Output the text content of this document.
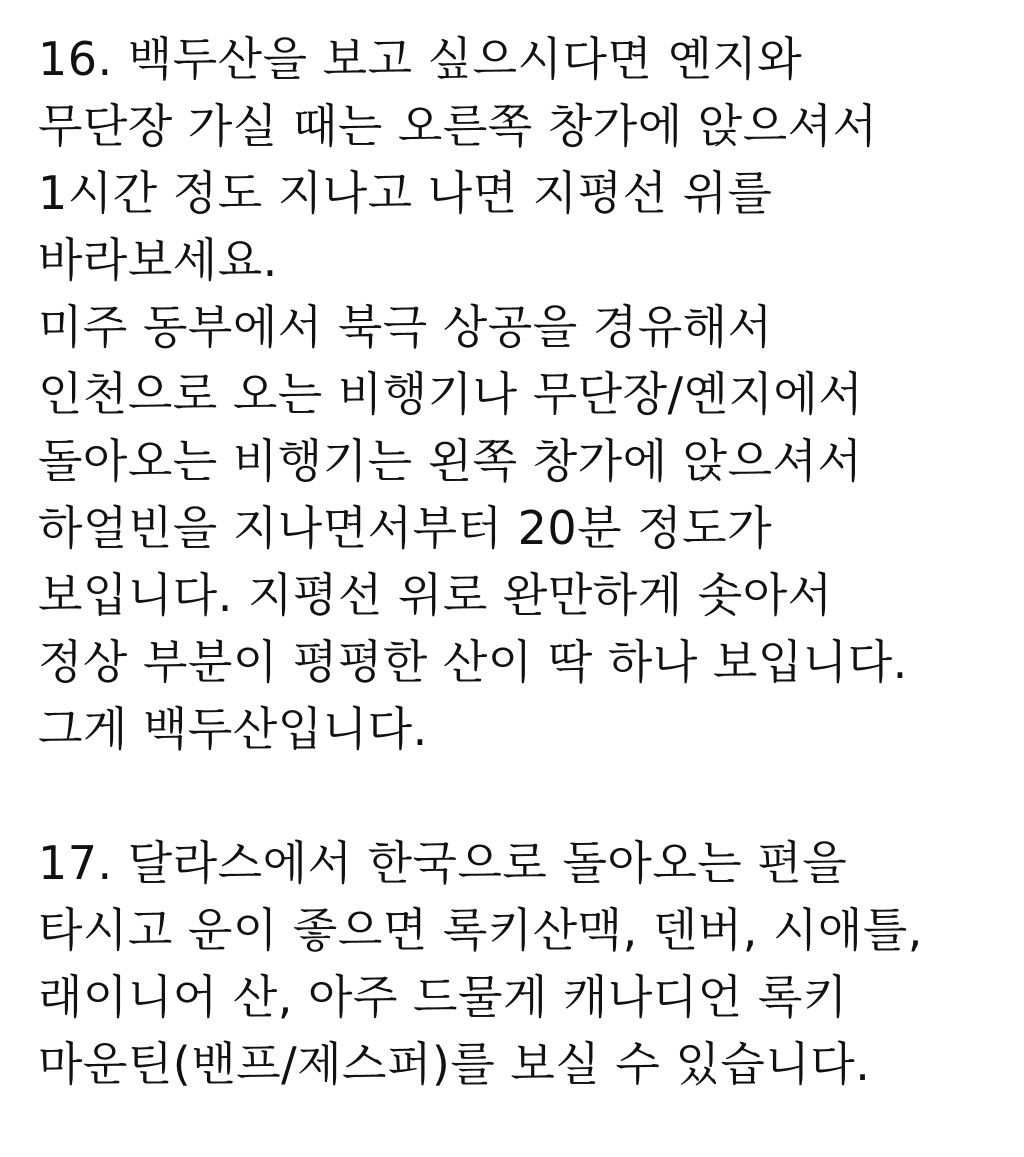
16. 백두산을 보고 싶으시다면 옌지와
무단장 가실 때는 오른쪽 창가에 앉으셔서
1시간 정도 지나고 나면 지평선 위를
바라보세요.
미주 동부에서 북극 상공을 경유해서
인천으로 오는 비행기나 무단장/옌지에서
돌아오는 비행기는 왼쪽 창가에 앉으셔서
하얼빈을 지나면서부터 20분 정도가
보입니다. 지평선 위로 완만하게 솟아서
정상 부분이 평평한 산이 딱 하나 보입니다.
그게 백두산입니다.
17. 달라스에서 한국으로 돌아오는 편을
타시고 운이 좋으면 록키산맥, 덴버, 시애틀,
래이니어 산, 아주 드물게 캐나디언 록키
마운틴(밴프/제스퍼)를 보실 수 있습니다.
